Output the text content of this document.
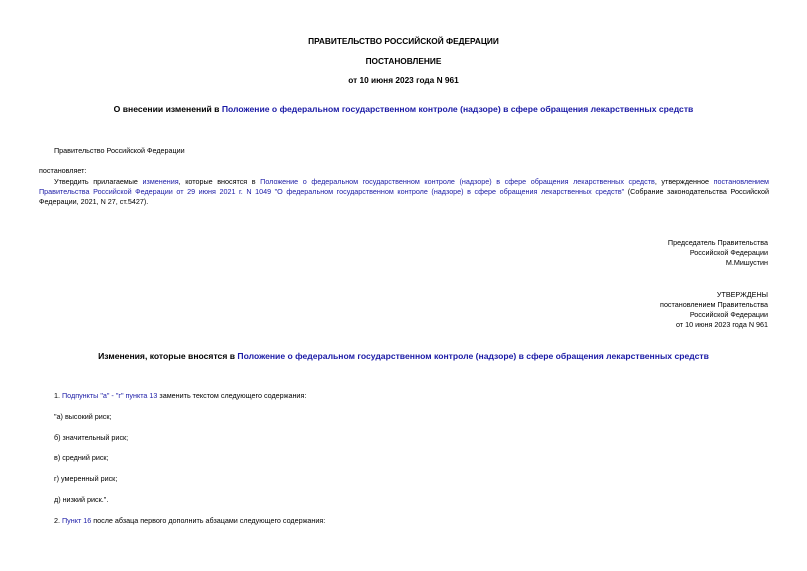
ПРАВИТЕЛЬСТВО РОССИЙСКОЙ ФЕДЕРАЦИИ
ПОСТАНОВЛЕНИЕ
от 10 июня 2023 года N 961
О внесении изменений в Положение о федеральном государственном контроле (надзоре) в сфере обращения лекарственных средств
Правительство Российской Федерации
постановляет:
Утвердить прилагаемые изменения, которые вносятся в Положение о федеральном государственном контроле (надзоре) в сфере обращения лекарственных средств, утвержденное постановлением Правительства Российской Федерации от 29 июня 2021 г. N 1049 "О федеральном государственном контроле (надзоре) в сфере обращения лекарственных средств" (Собрание законодательства Российской Федерации, 2021, N 27, ст.5427).
Председатель Правительства
Российской Федерации
М.Мишустин
УТВЕРЖДЕНЫ
постановлением Правительства
Российской Федерации
от 10 июня 2023 года N 961
Изменения, которые вносятся в Положение о федеральном государственном контроле (надзоре) в сфере обращения лекарственных средств
1. Подпункты "а" - "г" пункта 13 заменить текстом следующего содержания:
"а) высокий риск;
б) значительный риск;
в) средний риск;
г) умеренный риск;
д) низкий риск.".
2. Пункт 16 после абзаца первого дополнить абзацами следующего содержания:
